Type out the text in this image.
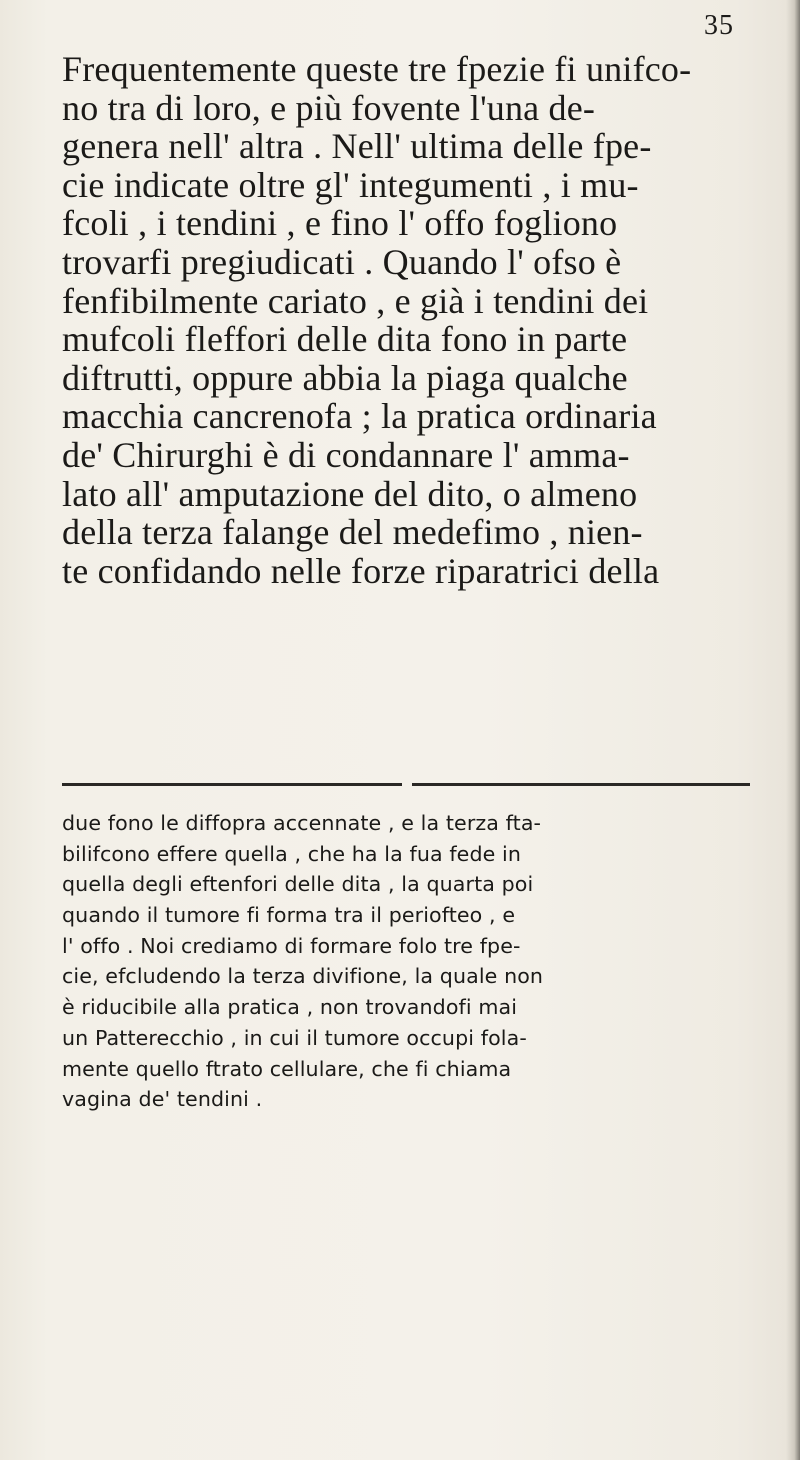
35
Frequentemente queste tre fpezie fi unifco-
no tra di loro, e più fovente l'una de-
genera nell' altra . Nell' ultima delle fpe-
cie indicate oltre gl' integumenti , i mu-
fcoli , i tendini , e fino l' offo fogliono
trovarfi pregiudicati . Quando l' ofso è
fenfibilmente cariato , e già i tendini dei
mufcoli fleffori delle dita fono in parte
diftrutti, oppure abbia la piaga qualche
macchia cancrenofa ; la pratica ordinaria
de' Chirurghi è di condannare l' amma-
lato all' amputazione del dito, o almeno
della terza falange del medefimo , nien-
te confidando nelle forze riparatrici della
due fono le diffopra accennate , e la terza fta-
bilifcono effere quella , che ha la fua fede in
quella degli eftenfori delle dita , la quarta poi
quando il tumore fi forma tra il periofteo , e
l' offo . Noi crediamo di formare folo tre fpe-
cie, efcludendo la terza divifione, la quale non
è riducibile alla pratica , non trovandofi mai
un Patterecchio , in cui il tumore occupi fola-
mente quello ftrato cellulare, che fi chiama
vagina de' tendini .
